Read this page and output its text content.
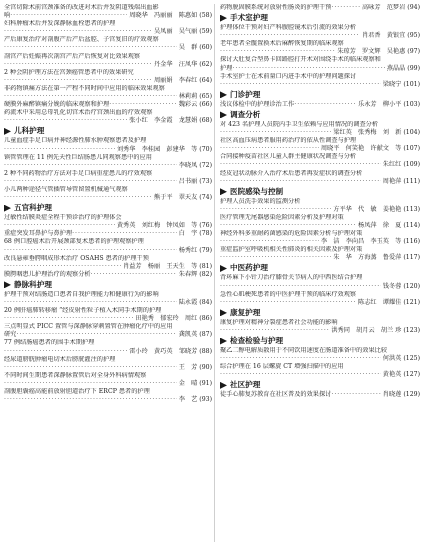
全宫切除术前宫颈准备的改进对术后并发阴道残端出血影
响 ·····	周晓华　冯丽丽　陈惠如 (58)
妇科肿瘤术后并发深静脉血栓患者的护理
·····
吴凤丽　吴气丽 (59)
产后康复治疗对剖腹产后产后盆腔、子宫复旧的疗效观察
·····
吴　群 (60)
剖宫产后妊娠再次剖宫产后产后恢复对比效果观察
·····
丹金华　汪凤华 (62)
2 种会阴护理方法在宫颈癌管患者中的效果研究
·····
周丽娟　李春红 (64)
非药物镇痛方法在第一产程不同时间中应用的临床效果观察
·····
林莉莉 (65)
硬膜外麻醉镇痛分娩的临床观察和护理 ·····	魏彩云 (66)
药流术中采用总母乳化切宫术治疗宫颈出血的疗效观察
·····
张小红　李金霞　龙慧娟 (68)
儿科护理
儿童血症手足口病并神经源性肺水肿观察患者及护理
·····
刘秀华　李桂园　彭建华　等 (70)
镇管管理在 11 例先天性巨结肠患儿同观察患中的应用
·····
李晓凤 (72)
2 种不同药物治疗方法对手足口病重症患儿的疗效观察
·····
吕书丽 (73)
小儿两种途径气管插管导管留置机械通气观察
·····
熊于平　翠天友 (74)
五官科护理
过敏性结膜炎症全程干预诊治疗的护理体会
·····
黄秀英　刘红梅　钟凤如　等 (76)
重症突发耳鼻护与鼻护理 ·····	白　宇 (78)
68 例口腔癌术后开展颈部复术患者的护理观察护理
·····
杨秀红 (79)
改良悬雍垂腭咽成形术治疗 OSAHS 患者的护理干预
·····
肖益芳　杨丽　王天生　等 (81)
膜腭咽患儿护理治疗的观察分析 ·····	朱春辉 (82)
静脉科护理
护理干预对结肠造口患者自我护理能力和健康行为的影响
·····
陆永霞 (84)
20 例肝癌肺转移瘤 “经皮射性粒子植入术同手术期的护理
·····
田艳秀　郁宏玲　周红 (86)
三点明显式 PICC 置管与深静脉穿刺置管在肿瘤化疗中的应用
研究 ·····	龚凯英 (87)
77 例结肠癌患者的围手术期护理
·····
雷小玲　黄巧英　邹晓芳 (88)
经尿道膀胱肿瘤电切术后膀胱灌注的护理
·····
王　芳 (90)
不同时间生期患者深静脉置管后对全身外科病情观察
·····
金　晴 (91)
剖腹胆囊癌高能前放射胆道治疗下 ERCP 患者的护理
·····
李　艺 (93)
药物脱固膜系统对放射性肠炎的护理干预 ·····	高咏芳　范梦岩 (94)
手术室护理
护理体位干预对妇产科腹腔镜术后引流的效果分析
·····
肖君香　黄银宜 (95)
老年患者全髋置换术后麻醉恢复期的临床观察
·····
朱琼芳　罗文辉　吴艳惠 (97)
探讨大肚复合型鼻卡回路腔打开术对围绕手术的临床观察和
护理 ·····	燕晶晶 (99)
手术室护士在术前量口内进手术中的护理问题探讨
·····
梁晓宁 (101)
门诊护理
浅议体检中的护理诊治工作 ·····	乐永芳　柳小平 (103)
调查分析
对 423 名护理人员院内手卫生依赖与应用情况的调查分析
·····
梁红英　张秀梅　刘　新 (104)
社区高血压病患者服用药治疗的依从性调查与护理
·····
周晓平　何笑艳　许献文　等 (107)
合同接种疫苗社区儿童人群主健康状况调查与分析
·····
朱红红 (109)
经皮冠状动脉介入治疗术后患者再发症状的调查分析
·····
周艳萍 (111)
医院感染与控制
护理人员洗手效果的监测分析
·····
方平华　代　敏　姜艳艳 (113)
医疗管理无尾器感染危险因素分析及护理对策
·····
杨凤萍　徐　夏 (114)
神经外科多重耐药菌感染的危险因素分析与护理对策
·····
李　洁　李向昌　李玉英　等 (116)
重症监护室呼吸机相关性肺炎的相关因素及护理对策
·····
朱　华　方海蒸　鲁爱萍 (117)
中医药护理
背环麻下小针刀治疗膝骨关节病人的中西医结合护理
·····
钱冬蓉 (120)
急性心肌梗死患者的中医护理干预的临床疗效观察
·····
陈志红　谭耀佳 (121)
康复护理
康复护理对精神分裂症患者社会功能的影响
·····
洪秀同　胡月云　胡兰 珍 (123)
检查检验与护理
聚乙二醇电解质散用于不同饮用速度在肠道准备中的效果比较
·····
何洪英 (125)
综合护理在 16 层螺旋 CT 增强扫描中的应用
·····
黄艳英 (127)
社区护理
徒手心肺复苏教育在社区普及的效果探讨 ·····	肖晓莲 (129)
